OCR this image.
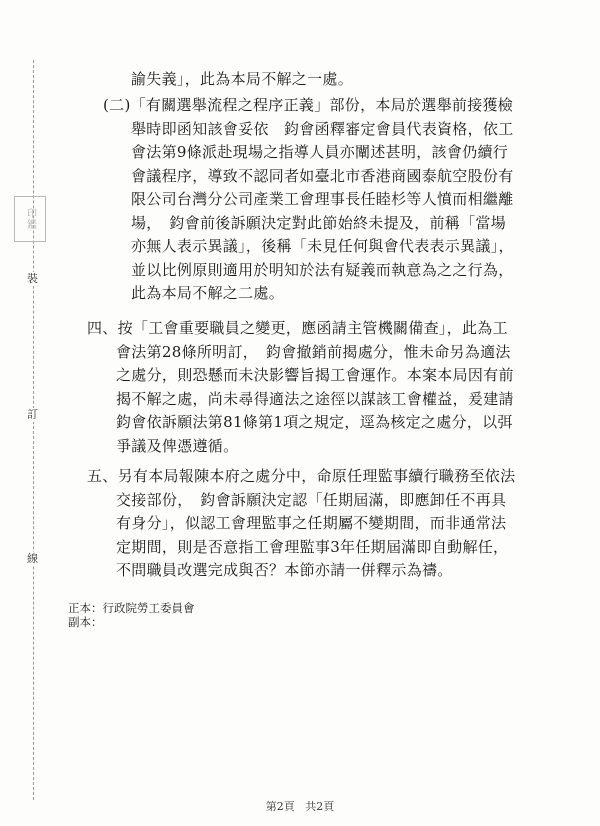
裝
訂
線
印鑑
諭失義」，此為本局不解之一處。
(二)「有關選舉流程之程序正義」部份，本局於選舉前接獲檢
舉時即函知該會妥依　鈞會函釋審定會員代表資格，依工
會法第9條派赴現場之指導人員亦闡述甚明，該會仍續行
會議程序，導致不認同者如臺北市香港商國泰航空股份有
限公司台灣分公司產業工會理事長任睦杉等人憤而相繼離
場，　鈞會前後訴願決定對此節始終未提及，前稱「當場
亦無人表示異議」，後稱「未見任何與會代表表示異議」，
並以比例原則適用於明知於法有疑義而執意為之之行為，
此為本局不解之二處。
四、按「工會重要職員之變更，應函請主管機關備查」，此為工
會法第28條所明訂，　鈞會撤銷前揭處分，惟未命另為適法
之處分，則恐懸而未決影響旨揭工會運作。本案本局因有前
揭不解之處，尚未尋得適法之途徑以謀該工會權益，爰建請
鈞會依訴願法第81條第1項之規定，逕為核定之處分，以弭
爭議及俾憑遵循。
五、另有本局報陳本府之處分中，命原任理監事續行職務至依法
交接部份，　鈞會訴願決定認「任期屆滿，即應卸任不再具
有身分」，似認工會理監事之任期屬不變期間，而非通常法
定期間，則是否意指工會理監事3年任期屆滿即自動解任，
不問職員改選完成與否？本節亦請一併釋示為禱。
正本：行政院勞工委員會
副本：
第2頁 共2頁
